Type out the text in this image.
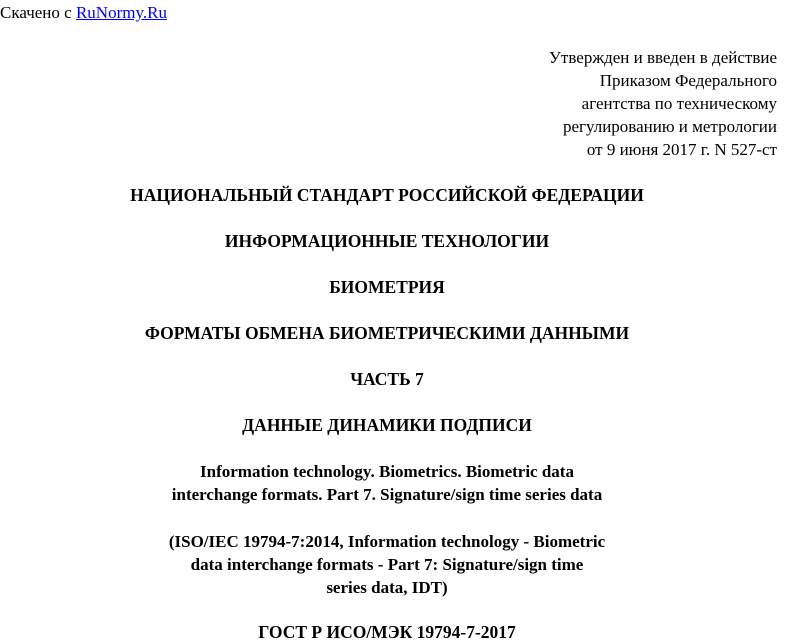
Скачено с RuNormy.Ru
Утвержден и введен в действие
Приказом Федерального
агентства по техническому
регулированию и метрологии
от 9 июня 2017 г. N 527-ст
НАЦИОНАЛЬНЫЙ СТАНДАРТ РОССИЙСКОЙ ФЕДЕРАЦИИ
ИНФОРМАЦИОННЫЕ ТЕХНОЛОГИИ
БИОМЕТРИЯ
ФОРМАТЫ ОБМЕНА БИОМЕТРИЧЕСКИМИ ДАННЫМИ
ЧАСТЬ 7
ДАННЫЕ ДИНАМИКИ ПОДПИСИ
Information technology. Biometrics. Biometric data
interchange formats. Part 7. Signature/sign time series data
(ISO/IEC 19794-7:2014, Information technology - Biometric
data interchange formats - Part 7: Signature/sign time
series data, IDT)
ГОСТ Р ИСО/МЭК 19794-7-2017
